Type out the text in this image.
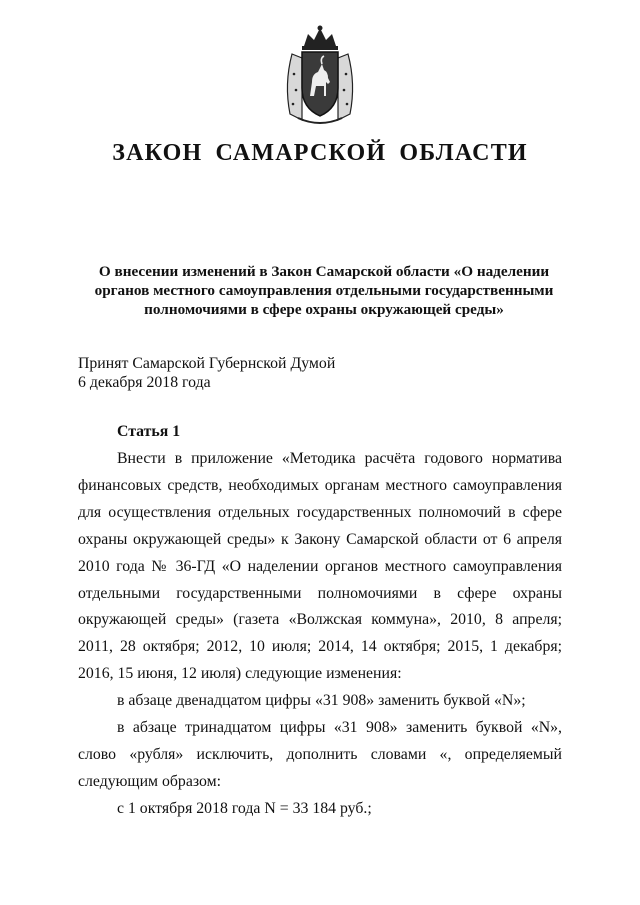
ЗАКОН САМАРСКОЙ ОБЛАСТИ
О внесении изменений в Закон Самарской области «О наделении органов местного самоуправления отдельными государственными полномочиями в сфере охраны окружающей среды»
Принят Самарской Губернской Думой
6 декабря 2018 года
Статья 1

Внести в приложение «Методика расчёта годового норматива финансовых средств, необходимых органам местного самоуправления для осуществления отдельных государственных полномочий в сфере охраны окружающей среды» к Закону Самарской области от 6 апреля 2010 года № 36-ГД «О наделении органов местного самоуправления отдельными государственными полномочиями в сфере охраны окружающей среды» (газета «Волжская коммуна», 2010, 8 апреля; 2011, 28 октября; 2012, 10 июля; 2014, 14 октября; 2015, 1 декабря; 2016, 15 июня, 12 июля) следующие изменения:

в абзаце двенадцатом цифры «31 908» заменить буквой «N»;

в абзаце тринадцатом цифры «31 908» заменить буквой «N», слово «рубля» исключить, дополнить словами «, определяемый следующим образом:

с 1 октября 2018 года N = 33 184 руб.;
